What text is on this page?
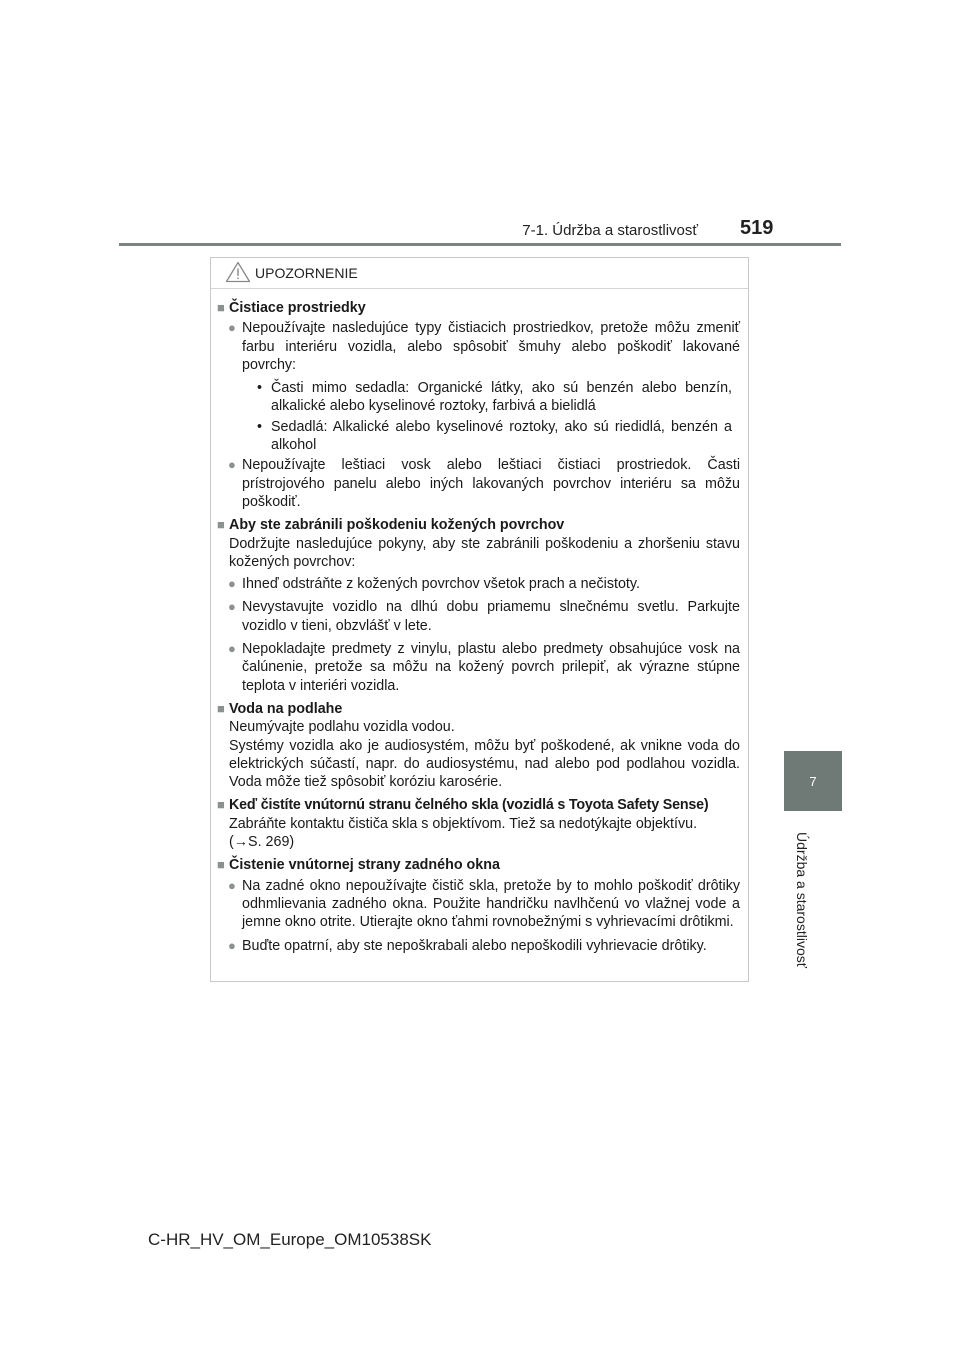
7-1. Údržba a starostlivosť 519
7
Údržba a starostlivosť
UPOZORNENIE
■ Čistiace prostriedky
● Nepoužívajte nasledujúce typy čistiacich prostriedkov, pretože môžu zmeniť farbu interiéru vozidla, alebo spôsobiť šmuhy alebo poškodiť lakované povrchy:
• Časti mimo sedadla: Organické látky, ako sú benzén alebo benzín, alkalické alebo kyselinové roztoky, farbivá a bielidlá
• Sedadlá: Alkalické alebo kyselinové roztoky, ako sú riedidlá, benzén a alkohol
● Nepoužívajte leštiaci vosk alebo leštiaci čistiaci prostriedok. Časti prístrojového panelu alebo iných lakovaných povrchov interiéru sa môžu poškodiť.
■ Aby ste zabránili poškodeniu kožených povrchov
Dodržujte nasledujúce pokyny, aby ste zabránili poškodeniu a zhoršeniu stavu kožených povrchov:
● Ihneď odstráňte z kožených povrchov všetok prach a nečistoty.
● Nevystavujte vozidlo na dlhú dobu priamemu slnečnému svetlu. Parkujte vozidlo v tieni, obzvlášť v lete.
● Nepokladajte predmety z vinylu, plastu alebo predmety obsahujúce vosk na čalúnenie, pretože sa môžu na kožený povrch prilepiť, ak výrazne stúpne teplota v interiéri vozidla.
■ Voda na podlahe
Neumývajte podlahu vozidla vodou.
Systémy vozidla ako je audiosystém, môžu byť poškodené, ak vnikne voda do elektrických súčastí, napr. do audiosystému, nad alebo pod podlahou vozidla. Voda môže tiež spôsobiť koróziu karosérie.
■ Keď čistíte vnútornú stranu čelného skla (vozidlá s Toyota Safety Sense)
Zabráňte kontaktu čističa skla s objektívom. Tiež sa nedotýkajte objektívu.
(→S. 269)
■ Čistenie vnútornej strany zadného okna
● Na zadné okno nepoužívajte čistič skla, pretože by to mohlo poškodiť drôtiky odhmlievania zadného okna. Použite handričku navlhčenú vo vlažnej vode a jemne okno otrite. Utierajte okno ťahmi rovnobežnými s vyhrievacími drôtikmi.
● Buďte opatrní, aby ste nepoškrabali alebo nepoškodili vyhrievacie drôtiky.
C-HR_HV_OM_Europe_OM10538SK
